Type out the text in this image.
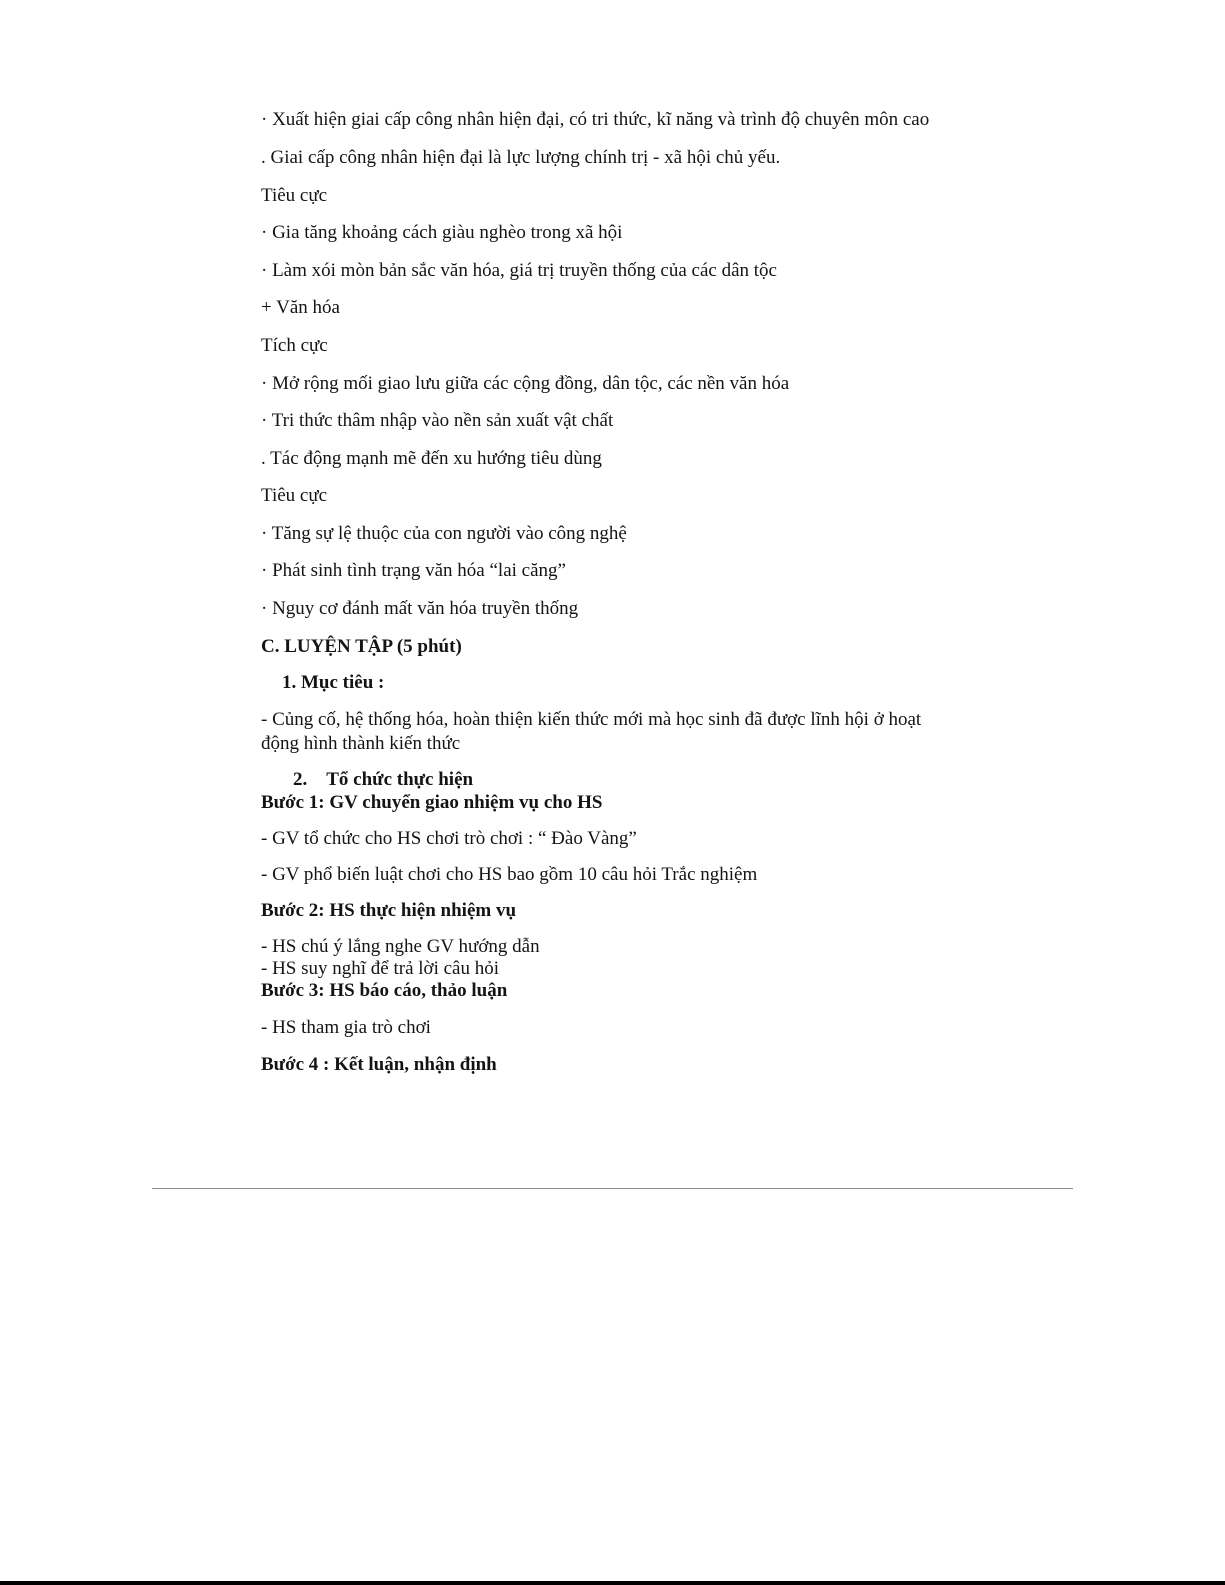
· Xuất hiện giai cấp công nhân hiện đại, có tri thức, kĩ năng và trình độ chuyên môn cao
. Giai cấp công nhân hiện đại là lực lượng chính trị - xã hội chủ yếu.
Tiêu cực
· Gia tăng khoảng cách giàu nghèo trong xã hội
· Làm xói mòn bản sắc văn hóa, giá trị truyền thống của các dân tộc
+ Văn hóa
Tích cực
· Mở rộng mối giao lưu giữa các cộng đồng, dân tộc, các nền văn hóa
· Tri thức thâm nhập vào nền sản xuất vật chất
. Tác động mạnh mẽ đến xu hướng tiêu dùng
Tiêu cực
· Tăng sự lệ thuộc của con người vào công nghệ
· Phát sinh tình trạng văn hóa “lai căng”
· Nguy cơ đánh mất văn hóa truyền thống
C. LUYỆN TẬP (5 phút)
1. Mục tiêu :
- Củng cố, hệ thống hóa, hoàn thiện kiến thức mới mà học sinh đã được lĩnh hội ở hoạt động hình thành kiến thức
2. Tổ chức thực hiện
Bước 1: GV chuyển giao nhiệm vụ cho HS
- GV tổ chức cho HS chơi trò chơi : “ Đào Vàng”
- GV phổ biến luật chơi cho HS bao gồm 10 câu hỏi Trắc nghiệm
Bước 2: HS thực hiện nhiệm vụ
- HS chú ý lắng nghe GV hướng dẫn
- HS suy nghĩ để trả lời câu hỏi
Bước 3: HS báo cáo, thảo luận
- HS tham gia trò chơi
Bước 4 : Kết luận, nhận định
